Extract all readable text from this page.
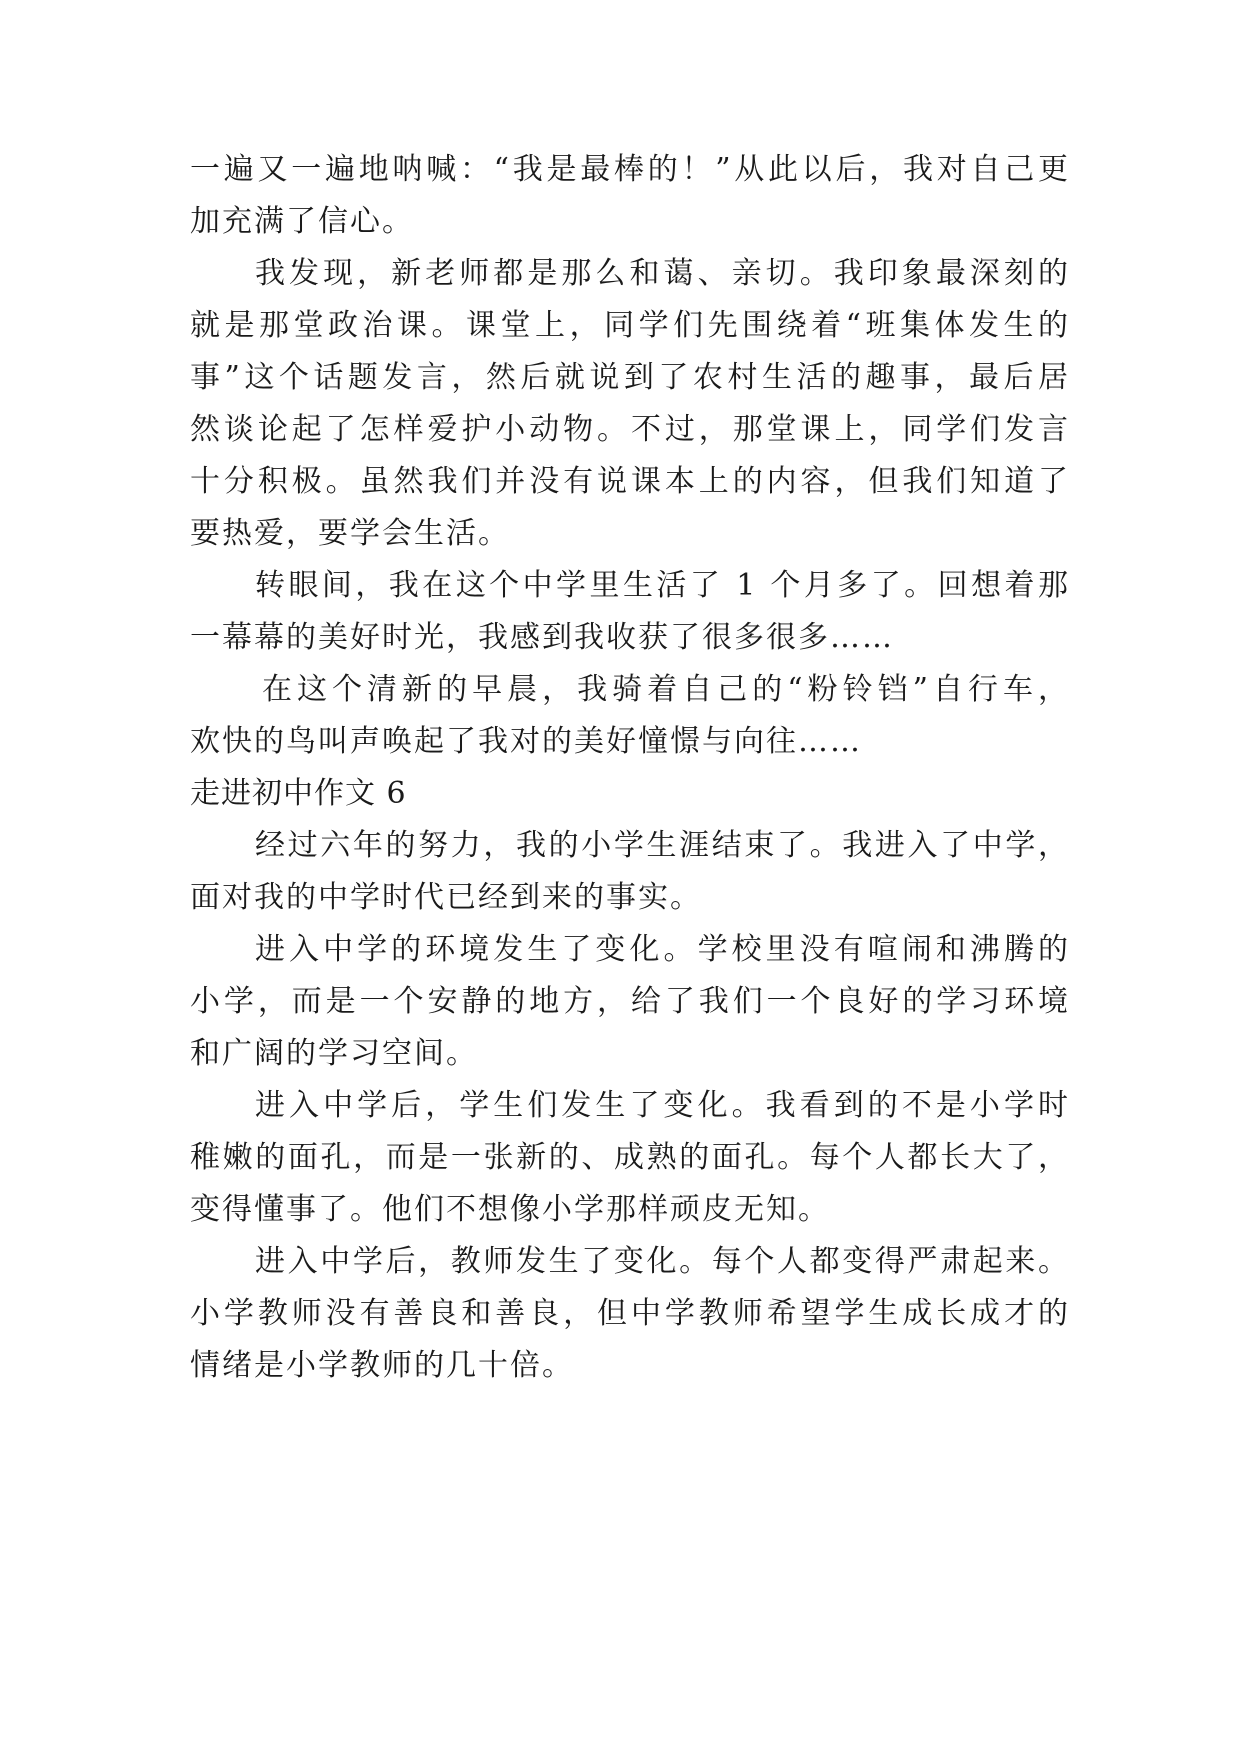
一遍又一遍地呐喊：“我是最棒的！”从此以后，我对自己更
加充满了信心。
我发现，新老师都是那么和蔼、亲切。我印象最深刻的
就是那堂政治课。课堂上，同学们先围绕着“班集体发生的
事”这个话题发言，然后就说到了农村生活的趣事，最后居
然谈论起了怎样爱护小动物。不过，那堂课上，同学们发言
十分积极。虽然我们并没有说课本上的内容，但我们知道了
要热爱，要学会生活。
转眼间，我在这个中学里生活了 1 个月多了。回想着那
一幕幕的美好时光，我感到我收获了很多很多……
在这个清新的早晨，我骑着自己的“粉铃铛”自行车，
欢快的鸟叫声唤起了我对的美好憧憬与向往……
走进初中作文 6
经过六年的努力，我的小学生涯结束了。我进入了中学，
面对我的中学时代已经到来的事实。
进入中学的环境发生了变化。学校里没有喧闹和沸腾的
小学，而是一个安静的地方，给了我们一个良好的学习环境
和广阔的学习空间。
进入中学后，学生们发生了变化。我看到的不是小学时
稚嫩的面孔，而是一张新的、成熟的面孔。每个人都长大了，
变得懂事了。他们不想像小学那样顽皮无知。
进入中学后，教师发生了变化。每个人都变得严肃起来。
小学教师没有善良和善良，但中学教师希望学生成长成才的
情绪是小学教师的几十倍。
